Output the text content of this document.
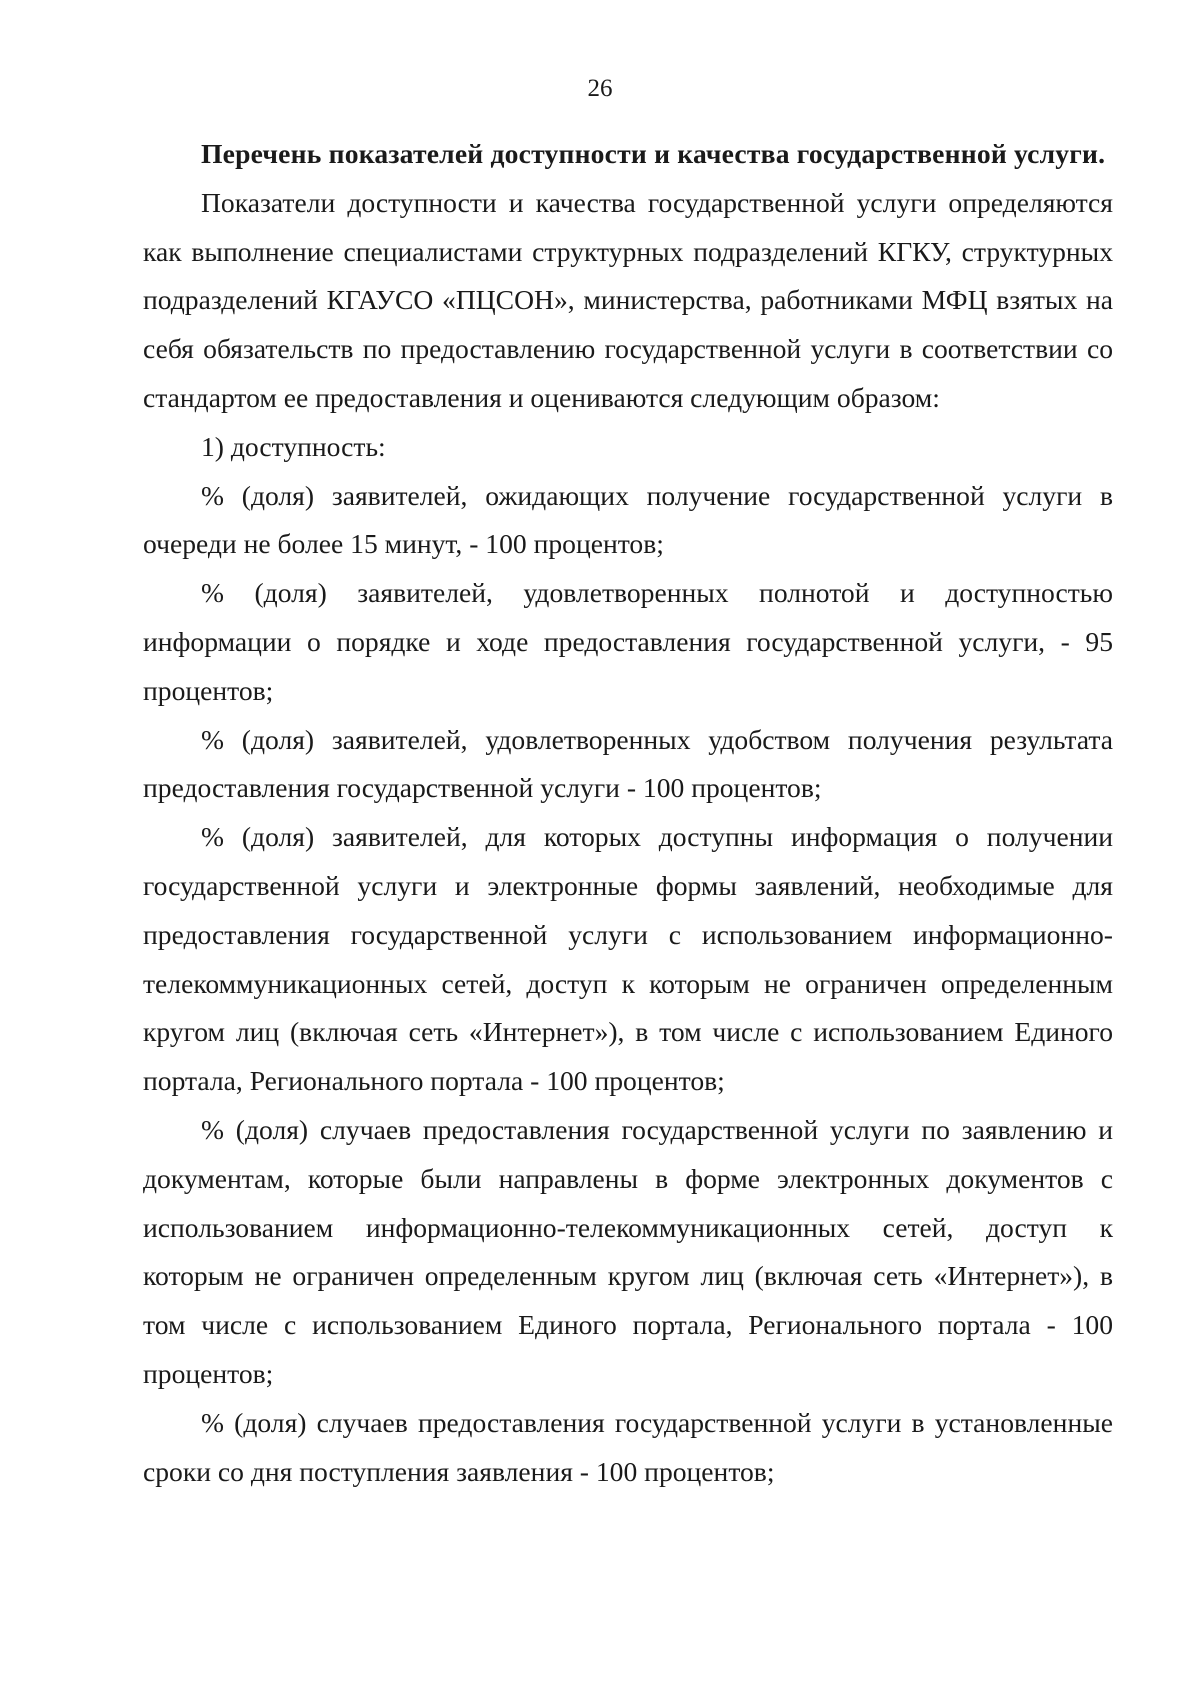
26

Перечень показателей доступности и качества государственной услуги.

Показатели доступности и качества государственной услуги определяются как выполнение специалистами структурных подразделений КГКУ, структурных подразделений КГАУСО «ПЦСОН», министерства, работниками МФЦ взятых на себя обязательств по предоставлению государственной услуги в соответствии со стандартом ее предоставления и оцениваются следующим образом:

1) доступность:

% (доля) заявителей, ожидающих получение государственной услуги в очереди не более 15 минут, - 100 процентов;

% (доля) заявителей, удовлетворенных полнотой и доступностью информации о порядке и ходе предоставления государственной услуги, - 95 процентов;

% (доля) заявителей, удовлетворенных удобством получения результата предоставления государственной услуги - 100 процентов;

% (доля) заявителей, для которых доступны информация о получении государственной услуги и электронные формы заявлений, необходимые для предоставления государственной услуги с использованием информационно-телекоммуникационных сетей, доступ к которым не ограничен определенным кругом лиц (включая сеть «Интернет»), в том числе с использованием Единого портала, Регионального портала - 100 процентов;

% (доля) случаев предоставления государственной услуги по заявлению и документам, которые были направлены в форме электронных документов с использованием информационно-телекоммуникационных сетей, доступ к которым не ограничен определенным кругом лиц (включая сеть «Интернет»), в том числе с использованием Единого портала, Регионального портала - 100 процентов;

% (доля) случаев предоставления государственной услуги в установленные сроки со дня поступления заявления - 100 процентов;
